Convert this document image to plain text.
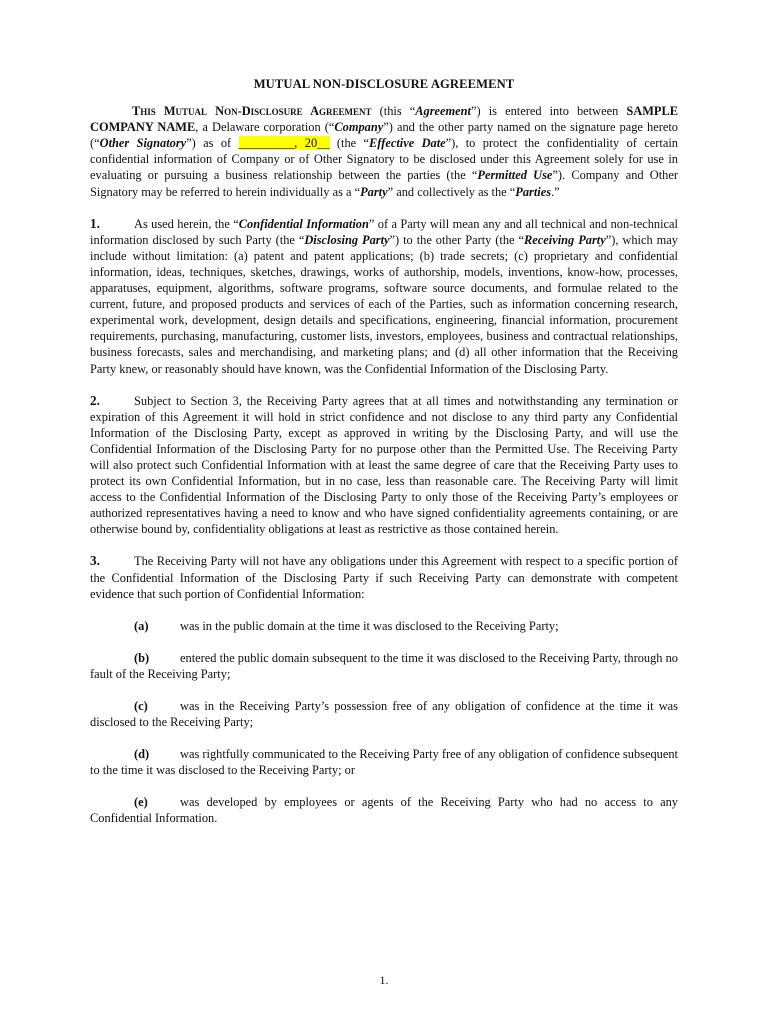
MUTUAL NON-DISCLOSURE AGREEMENT

This Mutual Non-Disclosure Agreement (this “Agreement”) is entered into between SAMPLE COMPANY NAME, a Delaware corporation (“Company”) and the other party named on the signature page hereto (“Other Signatory”) as of _________, 20__ (the “Effective Date”), to protect the confidentiality of certain confidential information of Company or of Other Signatory to be disclosed under this Agreement solely for use in evaluating or pursuing a business relationship between the parties (the “Permitted Use”). Company and Other Signatory may be referred to herein individually as a “Party” and collectively as the “Parties.”

1.	As used herein, the “Confidential Information” of a Party will mean any and all technical and non-technical information disclosed by such Party (the “Disclosing Party”) to the other Party (the “Receiving Party”), which may include without limitation: (a) patent and patent applications; (b) trade secrets; (c) proprietary and confidential information, ideas, techniques, sketches, drawings, works of authorship, models, inventions, know-how, processes, apparatuses, equipment, algorithms, software programs, software source documents, and formulae related to the current, future, and proposed products and services of each of the Parties, such as information concerning research, experimental work, development, design details and specifications, engineering, financial information, procurement requirements, purchasing, manufacturing, customer lists, investors, employees, business and contractual relationships, business forecasts, sales and merchandising, and marketing plans; and (d) all other information that the Receiving Party knew, or reasonably should have known, was the Confidential Information of the Disclosing Party.

2.	Subject to Section 3, the Receiving Party agrees that at all times and notwithstanding any termination or expiration of this Agreement it will hold in strict confidence and not disclose to any third party any Confidential Information of the Disclosing Party, except as approved in writing by the Disclosing Party, and will use the Confidential Information of the Disclosing Party for no purpose other than the Permitted Use. The Receiving Party will also protect such Confidential Information with at least the same degree of care that the Receiving Party uses to protect its own Confidential Information, but in no case, less than reasonable care. The Receiving Party will limit access to the Confidential Information of the Disclosing Party to only those of the Receiving Party’s employees or authorized representatives having a need to know and who have signed confidentiality agreements containing, or are otherwise bound by, confidentiality obligations at least as restrictive as those contained herein.

3.	The Receiving Party will not have any obligations under this Agreement with respect to a specific portion of the Confidential Information of the Disclosing Party if such Receiving Party can demonstrate with competent evidence that such portion of Confidential Information:

(a)	was in the public domain at the time it was disclosed to the Receiving Party;

(b) entered the public domain subsequent to the time it was disclosed to the Receiving Party, through no fault of the Receiving Party;

(c)	was in the Receiving Party’s possession free of any obligation of confidence at the time it was disclosed to the Receiving Party;

(d) was rightfully communicated to the Receiving Party free of any obligation of confidence subsequent to the time it was disclosed to the Receiving Party; or

(e)	was developed by employees or agents of the Receiving Party who had no access to any Confidential Information.

1.
